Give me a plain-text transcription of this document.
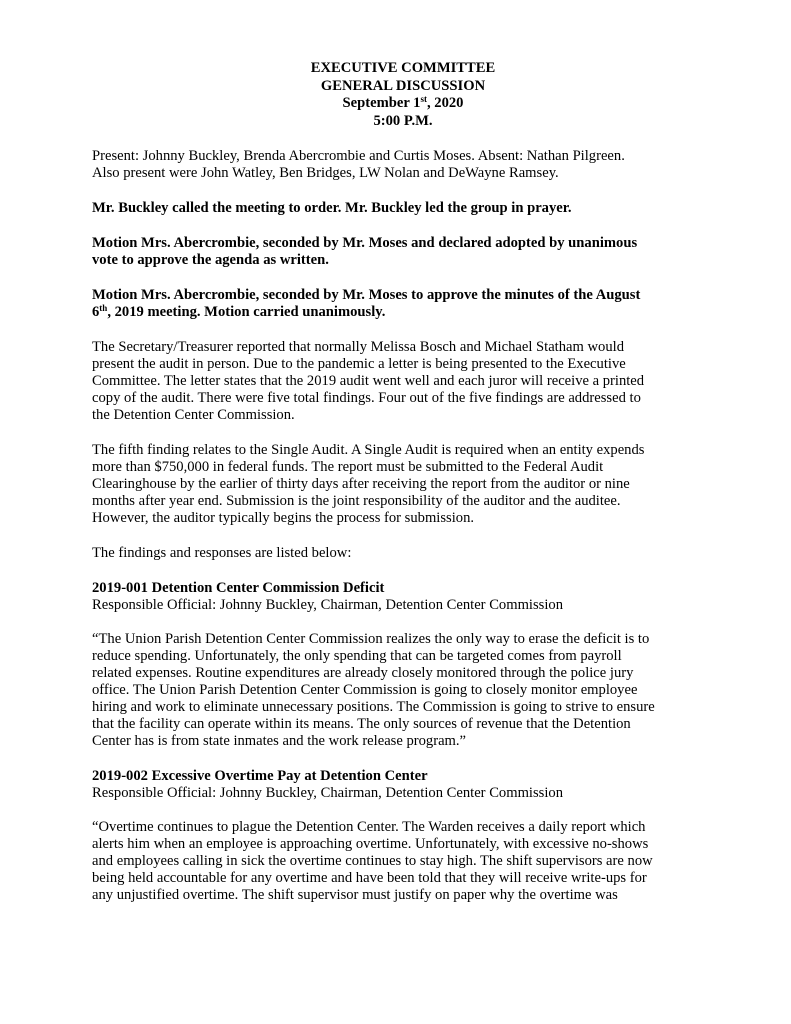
EXECUTIVE COMMITTEE
GENERAL DISCUSSION
September 1st, 2020
5:00 P.M.

Present: Johnny Buckley, Brenda Abercrombie and Curtis Moses. Absent: Nathan Pilgreen.
Also present were John Watley, Ben Bridges, LW Nolan and DeWayne Ramsey.

Mr. Buckley called the meeting to order. Mr. Buckley led the group in prayer.

Motion Mrs. Abercrombie, seconded by Mr. Moses and declared adopted by unanimous
vote to approve the agenda as written.

Motion Mrs. Abercrombie, seconded by Mr. Moses to approve the minutes of the August
6th, 2019 meeting. Motion carried unanimously.

The Secretary/Treasurer reported that normally Melissa Bosch and Michael Statham would
present the audit in person. Due to the pandemic a letter is being presented to the Executive
Committee. The letter states that the 2019 audit went well and each juror will receive a printed
copy of the audit. There were five total findings. Four out of the five findings are addressed to
the Detention Center Commission.

The fifth finding relates to the Single Audit. A Single Audit is required when an entity expends
more than $750,000 in federal funds. The report must be submitted to the Federal Audit
Clearinghouse by the earlier of thirty days after receiving the report from the auditor or nine
months after year end. Submission is the joint responsibility of the auditor and the auditee.
However, the auditor typically begins the process for submission.

The findings and responses are listed below:

2019-001 Detention Center Commission Deficit
Responsible Official: Johnny Buckley, Chairman, Detention Center Commission

“The Union Parish Detention Center Commission realizes the only way to erase the deficit is to
reduce spending. Unfortunately, the only spending that can be targeted comes from payroll
related expenses. Routine expenditures are already closely monitored through the police jury
office. The Union Parish Detention Center Commission is going to closely monitor employee
hiring and work to eliminate unnecessary positions. The Commission is going to strive to ensure
that the facility can operate within its means. The only sources of revenue that the Detention
Center has is from state inmates and the work release program.”

2019-002 Excessive Overtime Pay at Detention Center
Responsible Official: Johnny Buckley, Chairman, Detention Center Commission

“Overtime continues to plague the Detention Center. The Warden receives a daily report which
alerts him when an employee is approaching overtime. Unfortunately, with excessive no-shows
and employees calling in sick the overtime continues to stay high. The shift supervisors are now
being held accountable for any overtime and have been told that they will receive write-ups for
any unjustified overtime. The shift supervisor must justify on paper why the overtime was
